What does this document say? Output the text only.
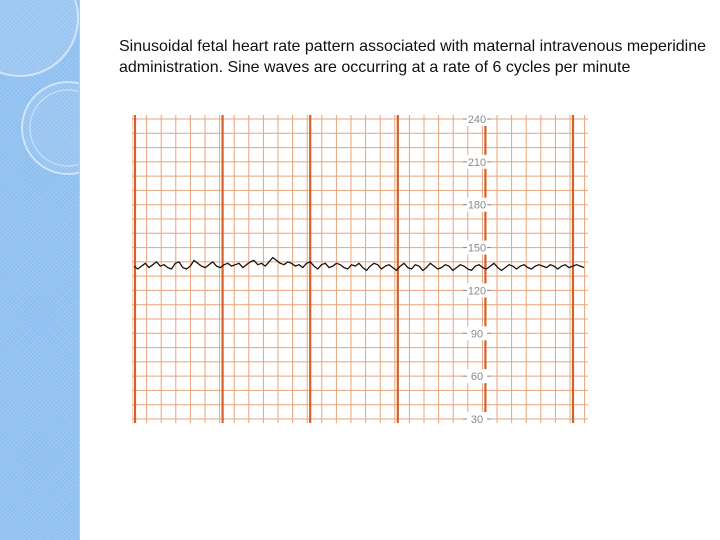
Sinusoidal fetal heart rate pattern associated with maternal intravenous meperidine administration. Sine waves are occurring at a rate of 6 cycles per minute

30
60
90
120
150
180
210
240
